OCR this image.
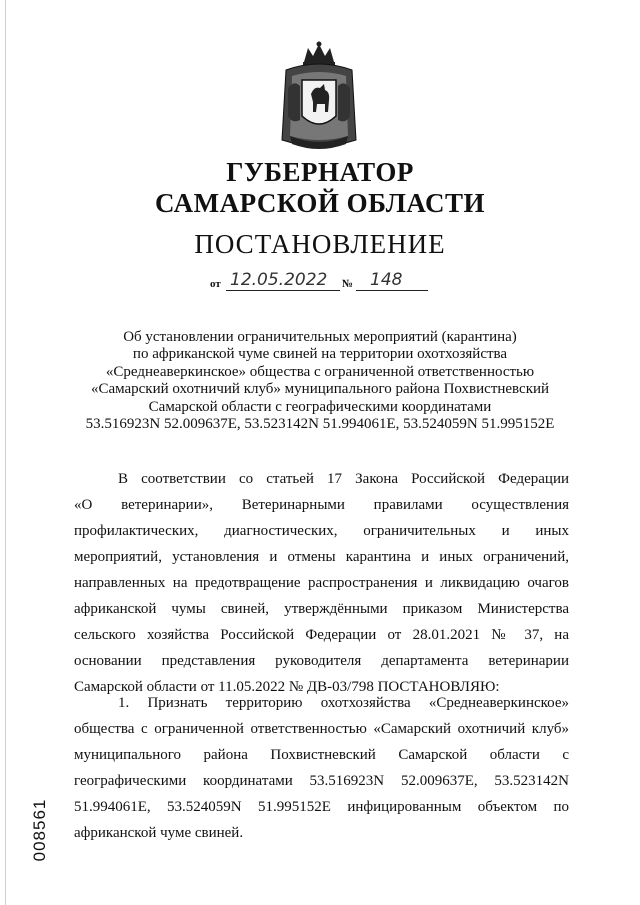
ГУБЕРНАТОР
САМАРСКОЙ ОБЛАСТИ
ПОСТАНОВЛЕНИЕ
от 12.05.2022 № 148
Об установлении ограничительных мероприятий (карантина)
по африканской чуме свиней на территории охотхозяйства
«Среднеаверкинское» общества с ограниченной ответственностью
«Самарский охотничий клуб» муниципального района Похвистневский
Самарской области с географическими координатами
53.516923N 52.009637E, 53.523142N 51.994061E, 53.524059N 51.995152E
В соответствии со статьей 17 Закона Российской Федерации
«О ветеринарии», Ветеринарными правилами осуществления
профилактических, диагностических, ограничительных и иных
мероприятий, установления и отмены карантина и иных ограничений,
направленных на предотвращение распространения и ликвидацию очагов
африканской чумы свиней, утверждёнными приказом Министерства
сельского хозяйства Российской Федерации от 28.01.2021 № 37, на
основании представления руководителя департамента ветеринарии
Самарской области от 11.05.2022 № ДВ-03/798 ПОСТАНОВЛЯЮ:
1. Признать территорию охотхозяйства «Среднеаверкинское»
общества с ограниченной ответственностью «Самарский охотничий клуб»
муниципального района Похвистневский Самарской области с
географическими координатами 53.516923N 52.009637E, 53.523142N
51.994061E, 53.524059N 51.995152E инфицированным объектом по
африканской чуме свиней.
008561
